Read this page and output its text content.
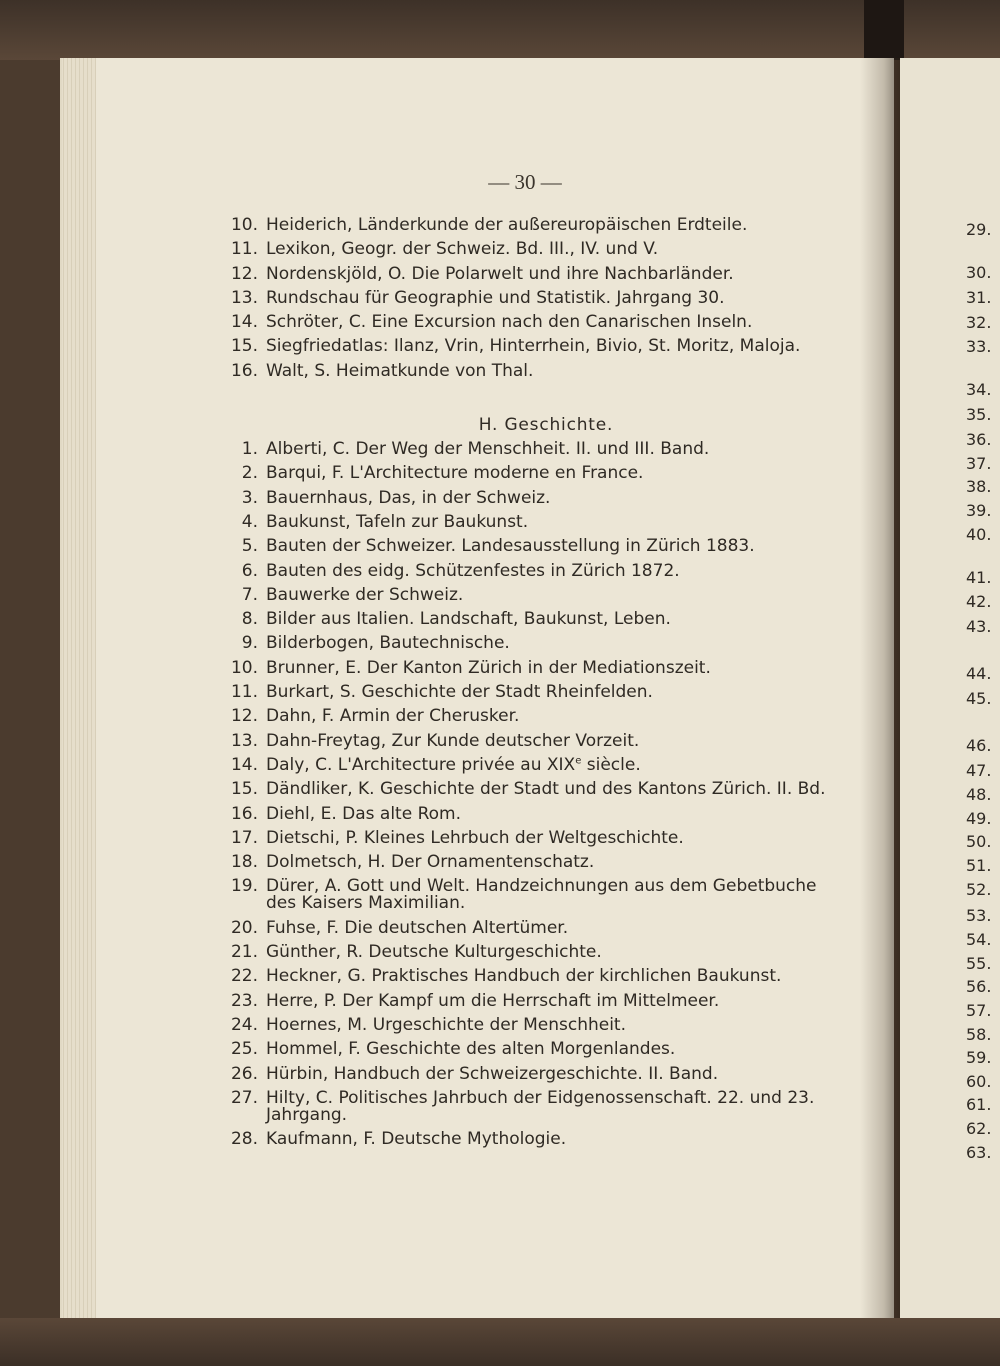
— 30 —
10. Heiderich, Länderkunde der außereuropäischen Erdteile.
11. Lexikon, Geogr. der Schweiz. Bd. III., IV. und V.
12. Nordenskjöld, O. Die Polarwelt und ihre Nachbarländer.
13. Rundschau für Geographie und Statistik. Jahrgang 30.
14. Schröter, C. Eine Excursion nach den Canarischen Inseln.
15. Siegfriedatlas: Ilanz, Vrin, Hinterrhein, Bivio, St. Moritz, Maloja.
16. Walt, S. Heimatkunde von Thal.
H. Geschichte.
1. Alberti, C. Der Weg der Menschheit. II. und III. Band.
2. Barqui, F. L'Architecture moderne en France.
3. Bauernhaus, Das, in der Schweiz.
4. Baukunst, Tafeln zur Baukunst.
5. Bauten der Schweizer. Landesausstellung in Zürich 1883.
6. Bauten des eidg. Schützenfestes in Zürich 1872.
7. Bauwerke der Schweiz.
8. Bilder aus Italien. Landschaft, Baukunst, Leben.
9. Bilderbogen, Bautechnische.
10. Brunner, E. Der Kanton Zürich in der Mediationszeit.
11. Burkart, S. Geschichte der Stadt Rheinfelden.
12. Dahn, F. Armin der Cherusker.
13. Dahn-Freytag, Zur Kunde deutscher Vorzeit.
14. Daly, C. L'Architecture privée au XIXe siècle.
15. Dändliker, K. Geschichte der Stadt und des Kantons Zürich. II. Bd.
16. Diehl, E. Das alte Rom.
17. Dietschi, P. Kleines Lehrbuch der Weltgeschichte.
18. Dolmetsch, H. Der Ornamentenschatz.
19. Dürer, A. Gott und Welt. Handzeichnungen aus dem Gebetbuche des Kaisers Maximilian.
20. Fuhse, F. Die deutschen Altertümer.
21. Günther, R. Deutsche Kulturgeschichte.
22. Heckner, G. Praktisches Handbuch der kirchlichen Baukunst.
23. Herre, P. Der Kampf um die Herrschaft im Mittelmeer.
24. Hoernes, M. Urgeschichte der Menschheit.
25. Hommel, F. Geschichte des alten Morgenlandes.
26. Hürbin, Handbuch der Schweizergeschichte. II. Band.
27. Hilty, C. Politisches Jahrbuch der Eidgenossenschaft. 22. und 23. Jahrgang.
28. Kaufmann, F. Deutsche Mythologie.
29.
30.
31.
32.
33.
34.
35.
36.
37.
38.
39.
40.
41.
42.
43.
44.
45.
46.
47.
48.
49.
50.
51.
52.
53.
54.
55.
56.
57.
58.
59.
60.
61.
62.
63.
